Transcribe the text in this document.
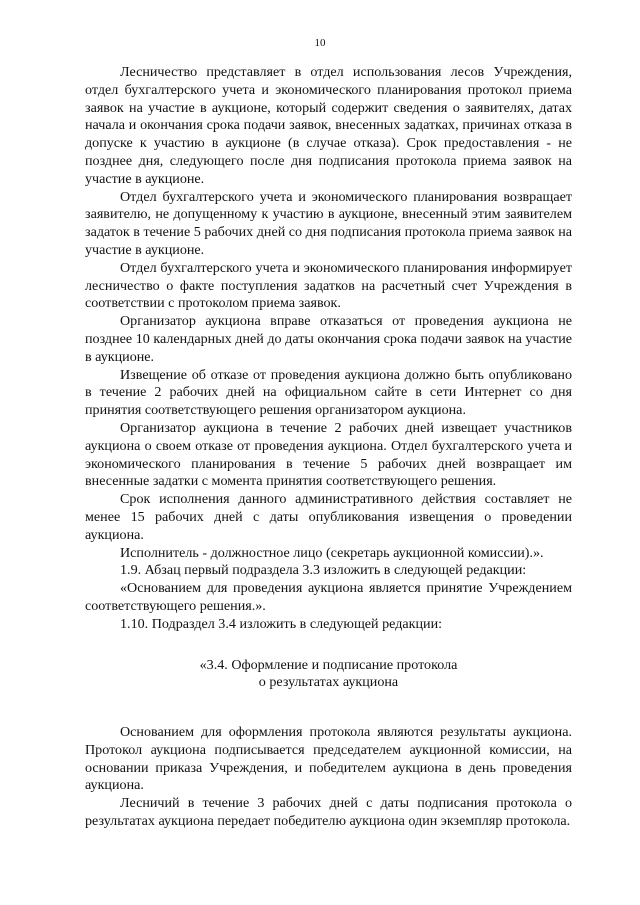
10

Лесничество представляет в отдел использования лесов Учреждения, отдел бухгалтерского учета и экономического планирования протокол приема заявок на участие в аукционе, который содержит сведения о заявителях, датах начала и окончания срока подачи заявок, внесенных задатках, причинах отказа в допуске к участию в аукционе (в случае отказа). Срок предоставления - не позднее дня, следующего после дня подписания протокола приема заявок на участие в аукционе.

Отдел бухгалтерского учета и экономического планирования возвращает заявителю, не допущенному к участию в аукционе, внесенный этим заявителем задаток в течение 5 рабочих дней со дня подписания протокола приема заявок на участие в аукционе.

Отдел бухгалтерского учета и экономического планирования информирует лесничество о факте поступления задатков на расчетный счет Учреждения в соответствии с протоколом приема заявок.

Организатор аукциона вправе отказаться от проведения аукциона не позднее 10 календарных дней до даты окончания срока подачи заявок на участие в аукционе.

Извещение об отказе от проведения аукциона должно быть опубликовано в течение 2 рабочих дней на официальном сайте в сети Интернет со дня принятия соответствующего решения организатором аукциона.

Организатор аукциона в течение 2 рабочих дней извещает участников аукциона о своем отказе от проведения аукциона. Отдел бухгалтерского учета и экономического планирования в течение 5 рабочих дней возвращает им внесенные задатки с момента принятия соответствующего решения.

Срок исполнения данного административного действия составляет не менее 15 рабочих дней с даты опубликования извещения о проведении аукциона.

Исполнитель - должностное лицо (секретарь аукционной комиссии).».

1.9. Абзац первый подраздела 3.3 изложить в следующей редакции:

«Основанием для проведения аукциона является принятие Учреждением соответствующего решения.».

1.10. Подраздел 3.4 изложить в следующей редакции:

«3.4. Оформление и подписание протокола
о результатах аукциона

Основанием для оформления протокола являются результаты аукциона. Протокол аукциона подписывается председателем аукционной комиссии, на основании приказа Учреждения, и победителем аукциона в день проведения аукциона.

Лесничий в течение 3 рабочих дней с даты подписания протокола о результатах аукциона передает победителю аукциона один экземпляр протокола.
